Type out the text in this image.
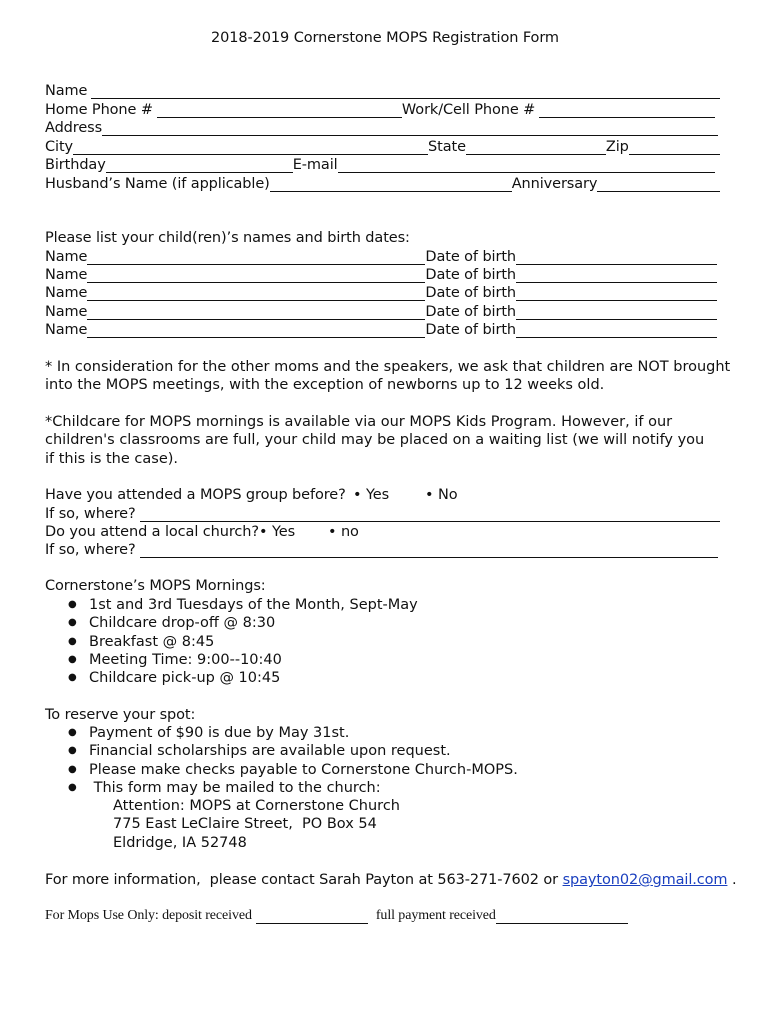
2018-2019 Cornerstone MOPS Registration Form
Name
Home Phone #	Work/Cell Phone #
Address
City	State	Zip
Birthday	E-mail
Husband’s Name (if applicable)	Anniversary
Please list your child(ren)’s names and birth dates:
Name	Date of birth
Name	Date of birth
Name	Date of birth
Name	Date of birth
Name	Date of birth
* In consideration for the other moms and the speakers, we ask that children are NOT brought into the MOPS meetings, with the exception of newborns up to 12 weeks old.
*Childcare for MOPS mornings is available via our MOPS Kids Program. However, if our children's classrooms are full, your child may be placed on a waiting list (we will notify you if this is the case).
Have you attended a MOPS group before? • Yes • No
If so, where?
Do you attend a local church? • Yes • no
If so, where?
Cornerstone’s MOPS Mornings:
● 1st and 3rd Tuesdays of the Month, Sept-May
● Childcare drop-off @ 8:30
● Breakfast @ 8:45
● Meeting Time: 9:00--10:40
● Childcare pick-up @ 10:45
To reserve your spot:
● Payment of $90 is due by May 31st.
● Financial scholarships are available upon request.
● Please make checks payable to Cornerstone Church-MOPS.
●  This form may be mailed to the church:
Attention: MOPS at Cornerstone Church
775 East LeClaire Street,  PO Box 54
Eldridge, IA 52748
For more information,  please contact Sarah Payton at 563-271-7602 or spayton02@gmail.com .
For Mops Use Only: deposit received	full payment received
